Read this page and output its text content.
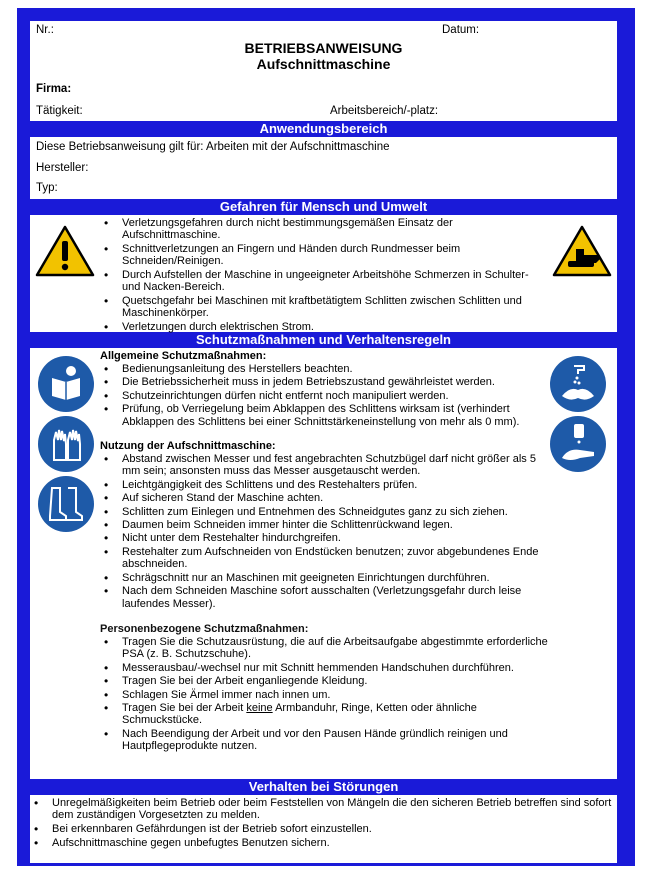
Nr.:	Datum:
BETRIEBSANWEISUNG
Aufschnittmaschine
Firma:
Tätigkeit:	Arbeitsbereich/-platz:
Anwendungsbereich
Diese Betriebsanweisung gilt für: Arbeiten mit der Aufschnittmaschine
Hersteller:
Typ:
Gefahren für Mensch und Umwelt
• Verletzungsgefahren durch nicht bestimmungsgemäßen Einsatz der Aufschnittmaschine.
• Schnittverletzungen an Fingern und Händen durch Rundmesser beim Schneiden/Reinigen.
• Durch Aufstellen der Maschine in ungeeigneter Arbeitshöhe Schmerzen in Schulter- und Nacken-Bereich.
• Quetschgefahr bei Maschinen mit kraftbetätigtem Schlitten zwischen Schlitten und Maschinenkörper.
• Verletzungen durch elektrischen Strom.
Schutzmaßnahmen und Verhaltensregeln
Allgemeine Schutzmaßnahmen:
• Bedienungsanleitung des Herstellers beachten.
• Die Betriebssicherheit muss in jedem Betriebszustand gewährleistet werden.
• Schutzeinrichtungen dürfen nicht entfernt noch manipuliert werden.
• Prüfung, ob Verriegelung beim Abklappen des Schlittens wirksam ist (verhindert Abklappen des Schlittens bei einer Schnittstärkeneinstellung von mehr als 0 mm).
Nutzung der Aufschnittmaschine:
• Abstand zwischen Messer und fest angebrachten Schutzbügel darf nicht größer als 5 mm sein; ansonsten muss das Messer ausgetauscht werden.
• Leichtgängigkeit des Schlittens und des Restehalters prüfen.
• Auf sicheren Stand der Maschine achten.
• Schlitten zum Einlegen und Entnehmen des Schneidgutes ganz zu sich ziehen.
• Daumen beim Schneiden immer hinter die Schlittenrückwand legen.
• Nicht unter dem Restehalter hindurchgreifen.
• Restehalter zum Aufschneiden von Endstücken benutzen; zuvor abgebundenes Ende abschneiden.
• Schrägschnitt nur an Maschinen mit geeigneten Einrichtungen durchführen.
• Nach dem Schneiden Maschine sofort ausschalten (Verletzungsgefahr durch leise laufendes Messer).
Personenbezogene Schutzmaßnahmen:
• Tragen Sie die Schutzausrüstung, die auf die Arbeitsaufgabe abgestimmte erforderliche PSA (z. B. Schutzschuhe).
• Messerausbau/-wechsel nur mit Schnitt hemmenden Handschuhen durchführen.
• Tragen Sie bei der Arbeit enganliegende Kleidung.
• Schlagen Sie Ärmel immer nach innen um.
• Tragen Sie bei der Arbeit keine Armbanduhr, Ringe, Ketten oder ähnliche Schmuckstücke.
• Nach Beendigung der Arbeit und vor den Pausen Hände gründlich reinigen und Hautpflegeprodukte nutzen.
Verhalten bei Störungen
• Unregelmäßigkeiten beim Betrieb oder beim Feststellen von Mängeln die den sicheren Betrieb betreffen sind sofort dem zuständigen Vorgesetzten zu melden.
• Bei erkennbaren Gefährdungen ist der Betrieb sofort einzustellen.
• Aufschnittmaschine gegen unbefugtes Benutzen sichern.
